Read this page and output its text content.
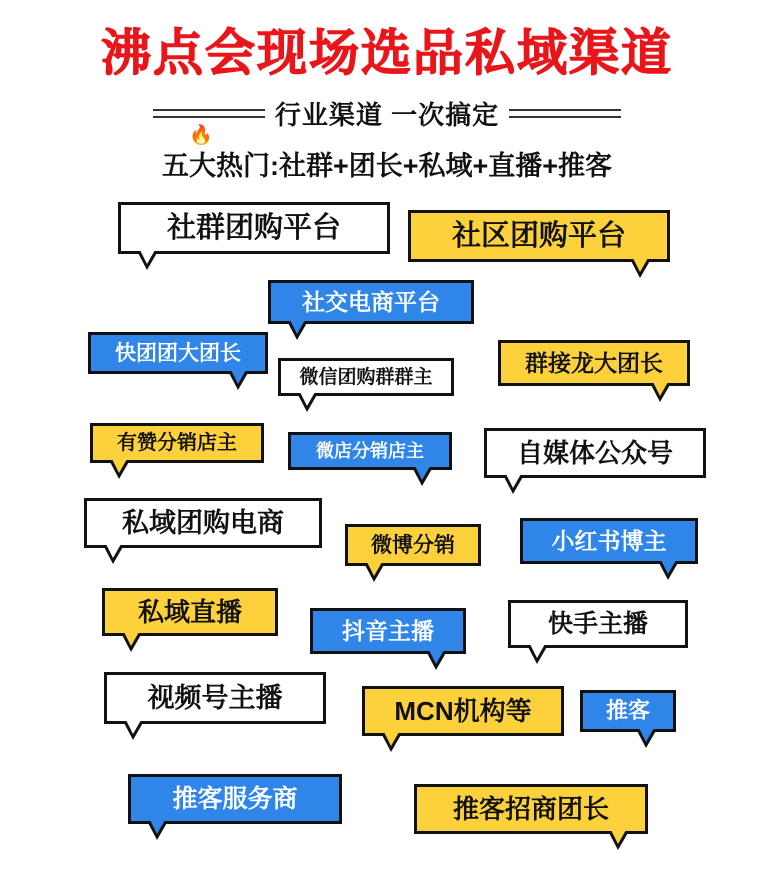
沸点会现场选品私域渠道
行业渠道 一次搞定
五大热门:社群+团长+私域+直播+推客
🔥
社群团购平台	社区团购平台
社交电商平台
快团团大团长
微信团购群群主
群接龙大团长
有赞分销店主	微店分销店主	自媒体公众号
私域团购电商
微博分销	小红书博主
私域直播
抖音主播	快手主播
视频号主播	MCN机构等	推客
推客服务商	推客招商团长
